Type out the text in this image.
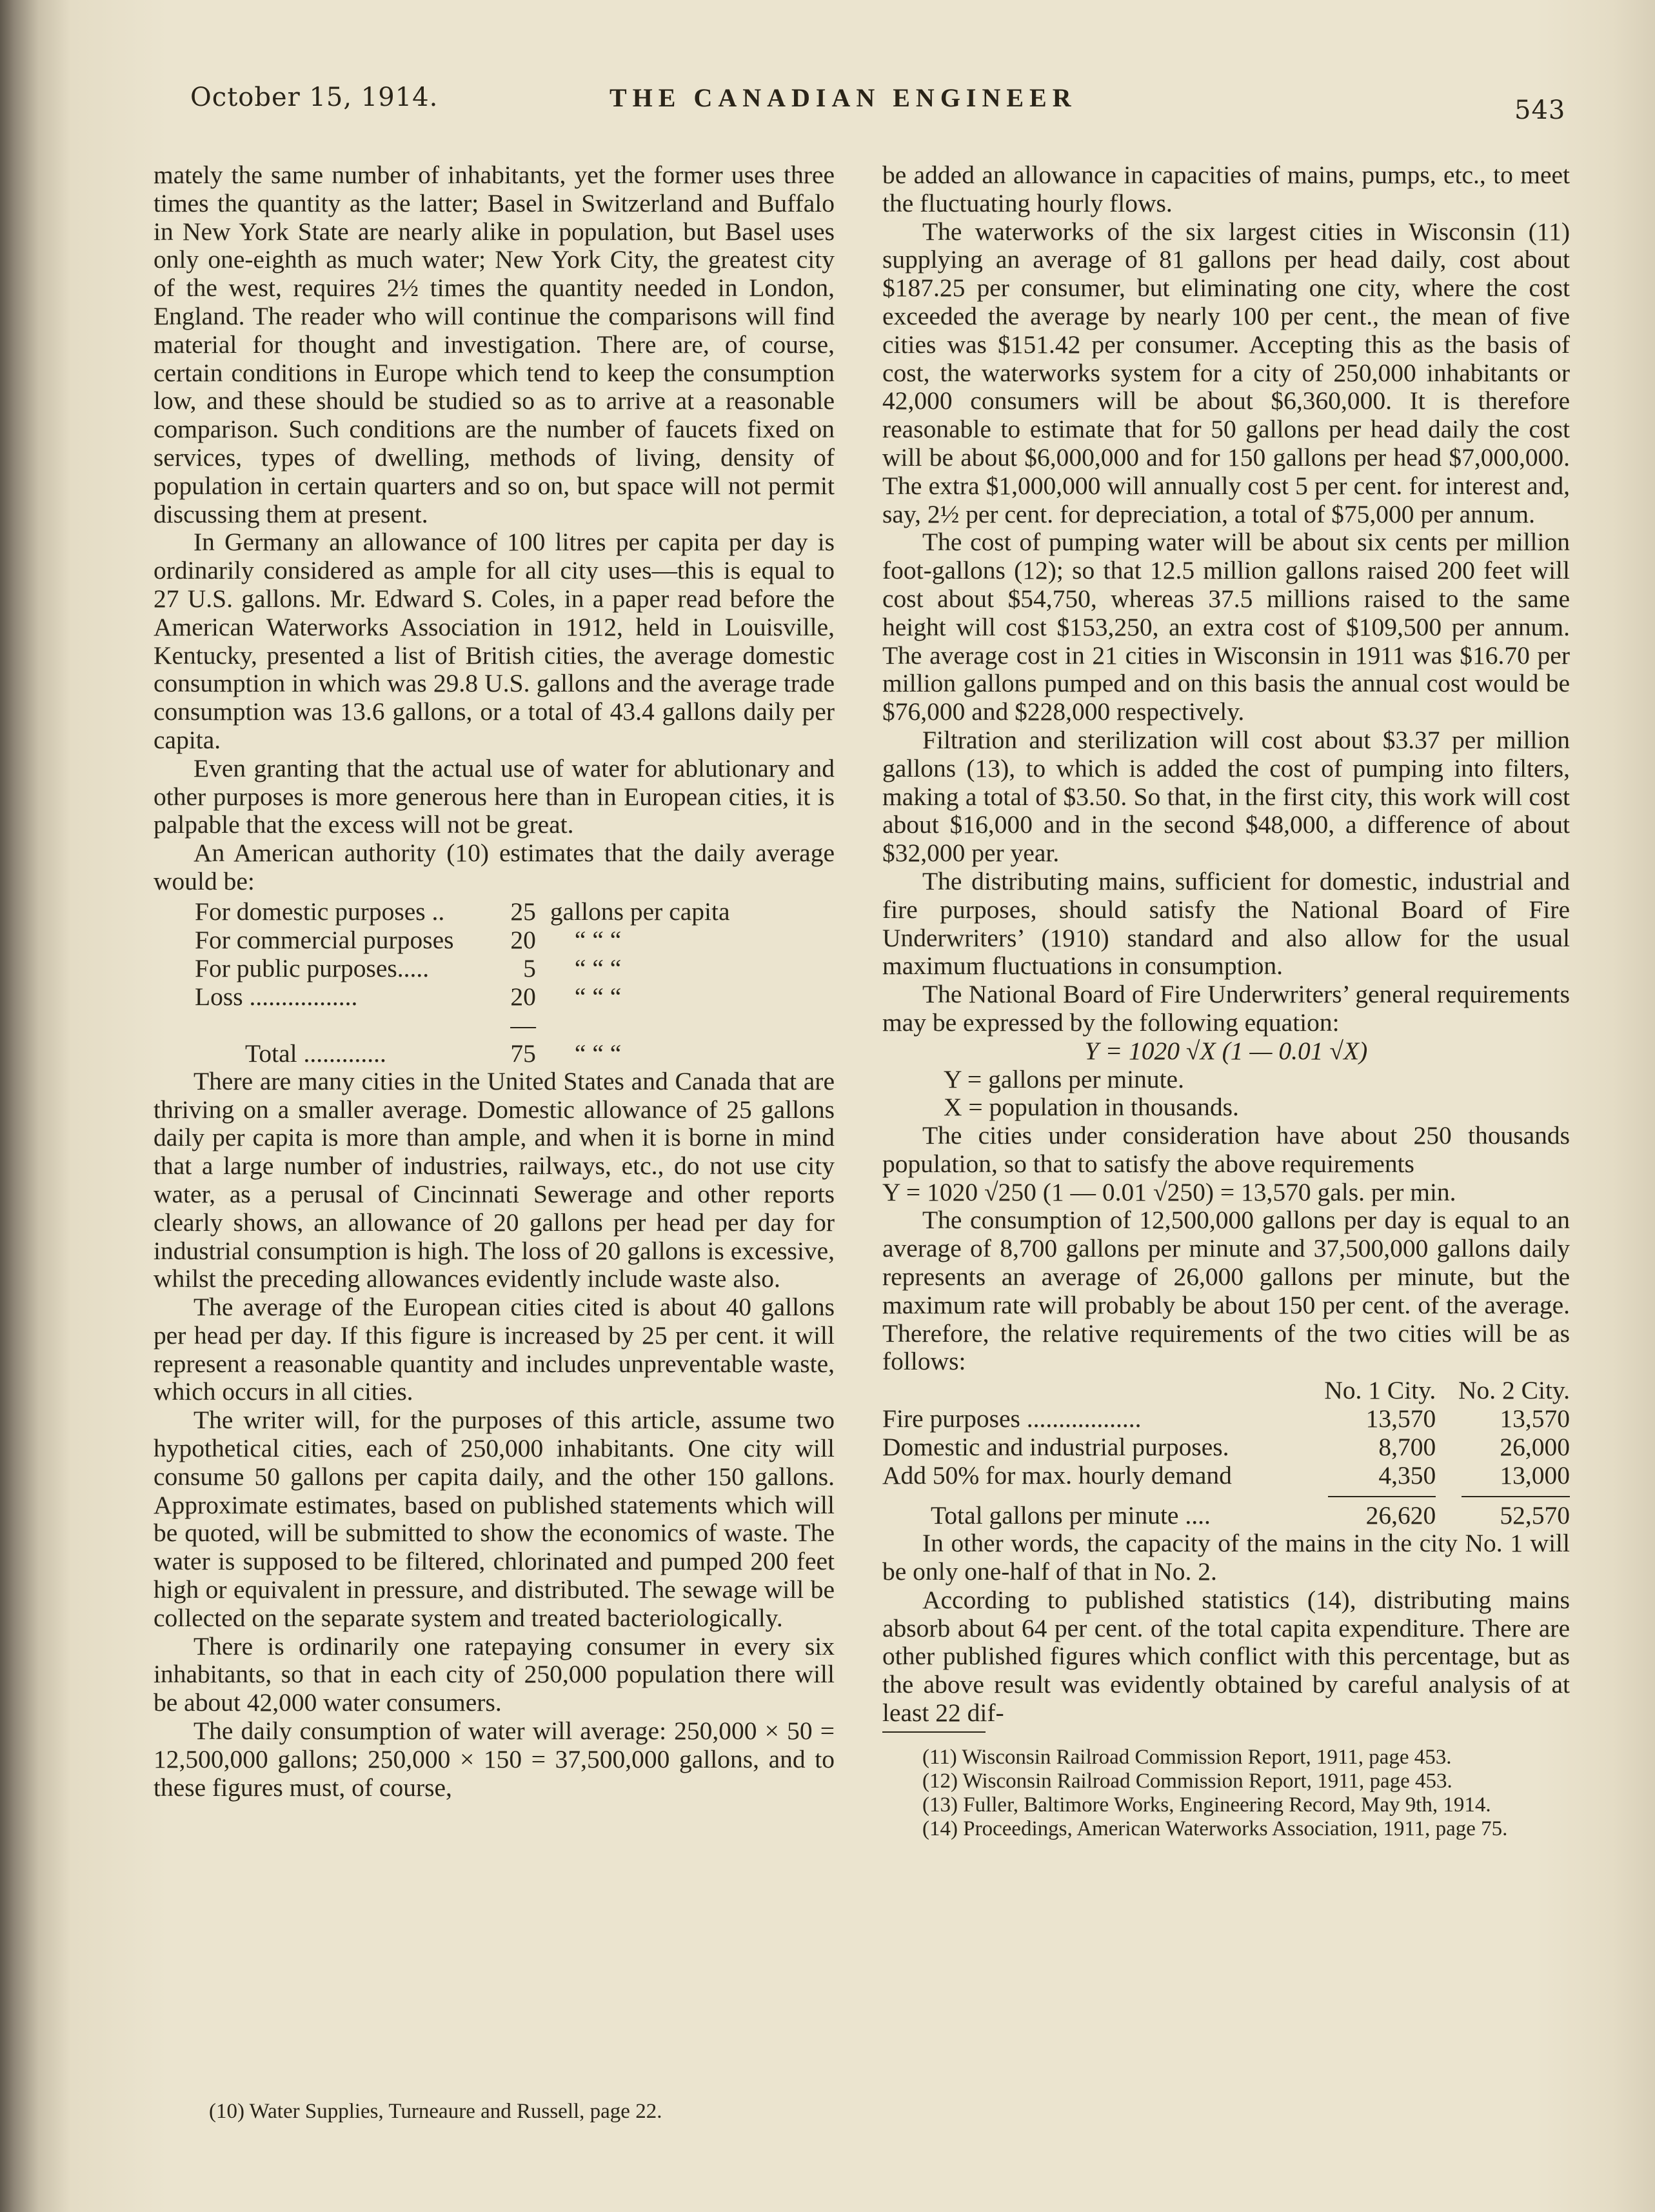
October 15, 1914.	THE CANADIAN ENGINEER	543

mately the same number of inhabitants, yet the former uses three times the quantity as the latter; Basel in Switzerland and Buffalo in New York State are nearly alike in population, but Basel uses only one-eighth as much water; New York City, the greatest city of the west, requires 2½ times the quantity needed in London, England. The reader who will continue the comparisons will find material for thought and investigation. There are, of course, certain conditions in Europe which tend to keep the consumption low, and these should be studied so as to arrive at a reasonable comparison. Such conditions are the number of faucets fixed on services, types of dwelling, methods of living, density of population in certain quarters and so on, but space will not permit discussing them at present.

In Germany an allowance of 100 litres per capita per day is ordinarily considered as ample for all city uses—this is equal to 27 U.S. gallons. Mr. Edward S. Coles, in a paper read before the American Waterworks Association in 1912, held in Louisville, Kentucky, presented a list of British cities, the average domestic consumption in which was 29.8 U.S. gallons and the average trade consumption was 13.6 gallons, or a total of 43.4 gallons daily per capita.

Even granting that the actual use of water for ablutionary and other purposes is more generous here than in European cities, it is palpable that the excess will not be great.

An American authority (10) estimates that the daily average would be:

For domestic purposes ..	25	gallons per capita
For commercial purposes	20	“ “ “
For public purposes.....	5	“ “ “
Loss .................	20	“ “ “
	—	
Total .............	75	“ “ “

There are many cities in the United States and Canada that are thriving on a smaller average. Domestic allowance of 25 gallons daily per capita is more than ample, and when it is borne in mind that a large number of industries, railways, etc., do not use city water, as a perusal of Cincinnati Sewerage and other reports clearly shows, an allowance of 20 gallons per head per day for industrial consumption is high. The loss of 20 gallons is excessive, whilst the preceding allowances evidently include waste also.

The average of the European cities cited is about 40 gallons per head per day. If this figure is increased by 25 per cent. it will represent a reasonable quantity and includes unpreventable waste, which occurs in all cities.

The writer will, for the purposes of this article, assume two hypothetical cities, each of 250,000 inhabitants. One city will consume 50 gallons per capita daily, and the other 150 gallons. Approximate estimates, based on published statements which will be quoted, will be submitted to show the economics of waste. The water is supposed to be filtered, chlorinated and pumped 200 feet high or equivalent in pressure, and distributed. The sewage will be collected on the separate system and treated bacteriologically.

There is ordinarily one ratepaying consumer in every six inhabitants, so that in each city of 250,000 population there will be about 42,000 water consumers.

The daily consumption of water will average: 250,000 × 50 = 12,500,000 gallons; 250,000 × 150 = 37,500,000 gallons, and to these figures must, of course,

(10) Water Supplies, Turneaure and Russell, page 22.

be added an allowance in capacities of mains, pumps, etc., to meet the fluctuating hourly flows.

The waterworks of the six largest cities in Wisconsin (11) supplying an average of 81 gallons per head daily, cost about $187.25 per consumer, but eliminating one city, where the cost exceeded the average by nearly 100 per cent., the mean of five cities was $151.42 per consumer. Accepting this as the basis of cost, the waterworks system for a city of 250,000 inhabitants or 42,000 consumers will be about $6,360,000. It is therefore reasonable to estimate that for 50 gallons per head daily the cost will be about $6,000,000 and for 150 gallons per head $7,000,000. The extra $1,000,000 will annually cost 5 per cent. for interest and, say, 2½ per cent. for depreciation, a total of $75,000 per annum.

The cost of pumping water will be about six cents per million foot-gallons (12); so that 12.5 million gallons raised 200 feet will cost about $54,750, whereas 37.5 millions raised to the same height will cost $153,250, an extra cost of $109,500 per annum. The average cost in 21 cities in Wisconsin in 1911 was $16.70 per million gallons pumped and on this basis the annual cost would be $76,000 and $228,000 respectively.

Filtration and sterilization will cost about $3.37 per million gallons (13), to which is added the cost of pumping into filters, making a total of $3.50. So that, in the first city, this work will cost about $16,000 and in the second $48,000, a difference of about $32,000 per year.

The distributing mains, sufficient for domestic, industrial and fire purposes, should satisfy the National Board of Fire Underwriters’ (1910) standard and also allow for the usual maximum fluctuations in consumption.

The National Board of Fire Underwriters’ general requirements may be expressed by the following equation:

Y = 1020 √X (1 — 0.01 √X)
Y = gallons per minute.
X = population in thousands.

The cities under consideration have about 250 thousands population, so that to satisfy the above requirements

Y = 1020 √250 (1 — 0.01 √250) = 13,570 gals. per min.

The consumption of 12,500,000 gallons per day is equal to an average of 8,700 gallons per minute and 37,500,000 gallons daily represents an average of 26,000 gallons per minute, but the maximum rate will probably be about 150 per cent. of the average. Therefore, the relative requirements of the two cities will be as follows:

	No. 1 City.	No. 2 City.
Fire purposes ..................	13,570	13,570
Domestic and industrial purposes.	8,700	26,000
Add 50% for max. hourly demand	4,350	13,000

Total gallons per minute ....	26,620	52,570

In other words, the capacity of the mains in the city No. 1 will be only one-half of that in No. 2.

According to published statistics (14), distributing mains absorb about 64 per cent. of the total capita expenditure. There are other published figures which conflict with this percentage, but as the above result was evidently obtained by careful analysis of at least 22 dif-

(11) Wisconsin Railroad Commission Report, 1911, page 453.

(12) Wisconsin Railroad Commission Report, 1911, page 453.

(13) Fuller, Baltimore Works, Engineering Record, May 9th, 1914.

(14) Proceedings, American Waterworks Association, 1911, page 75.
